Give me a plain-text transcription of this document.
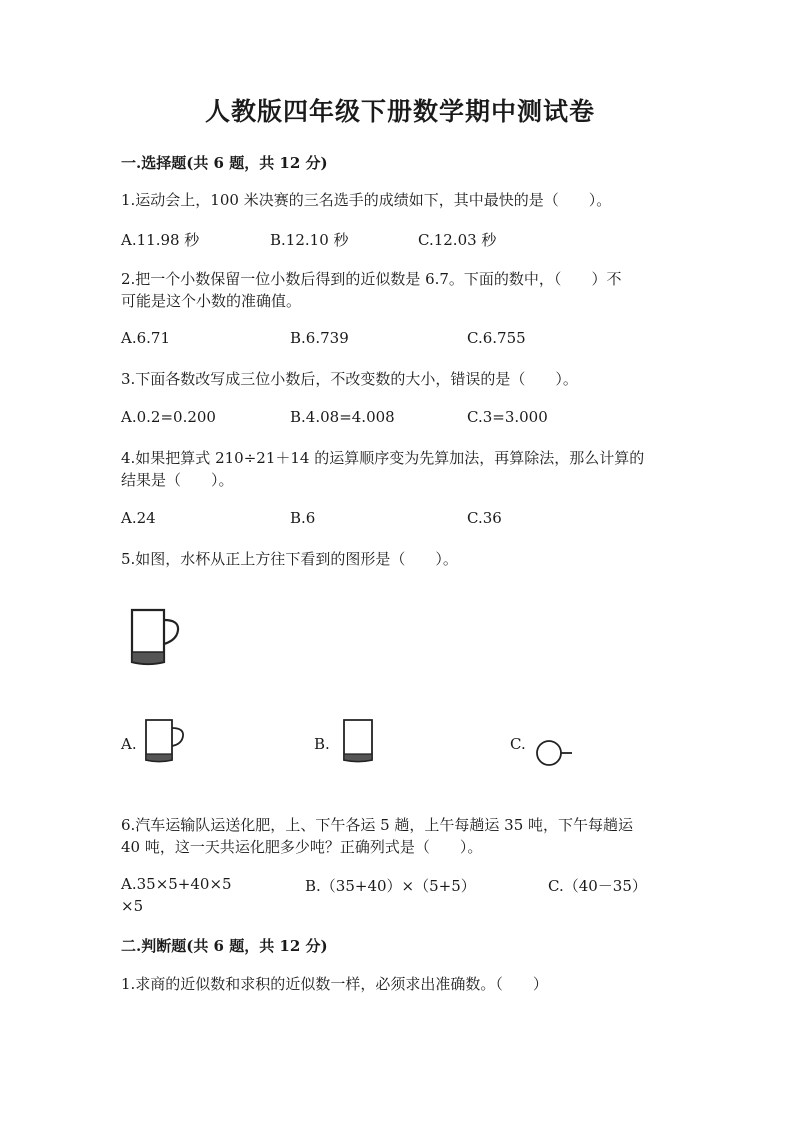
人教版四年级下册数学期中测试卷
一.选择题(共 6 题，共 12 分)
1.运动会上，100 米决赛的三名选手的成绩如下，其中最快的是（　　）。
A.11.98 秒	B.12.10 秒	C.12.03 秒
2.把一个小数保留一位小数后得到的近似数是 6.7。下面的数中，（　　）不
可能是这个小数的准确值。
A.6.71	B.6.739	C.6.755
3.下面各数改写成三位小数后，不改变数的大小，错误的是（　　）。
A.0.2=0.200	B.4.08=4.008	C.3=3.000
4.如果把算式 210÷21＋14 的运算顺序变为先算加法，再算除法，那么计算的
结果是（　　）。
A.24	B.6	C.36
5.如图，水杯从正上方往下看到的图形是（　　）。
A.	B.	C.
6.汽车运输队运送化肥，上、下午各运 5 趟，上午每趟运 35 吨，下午每趟运
40 吨，这一天共运化肥多少吨？正确列式是（　　）。
A.35×5+40×5	B.（35+40）×（5+5）	C.（40－35）
×5
二.判断题(共 6 题，共 12 分)
1.求商的近似数和求积的近似数一样，必须求出准确数。（　　）
